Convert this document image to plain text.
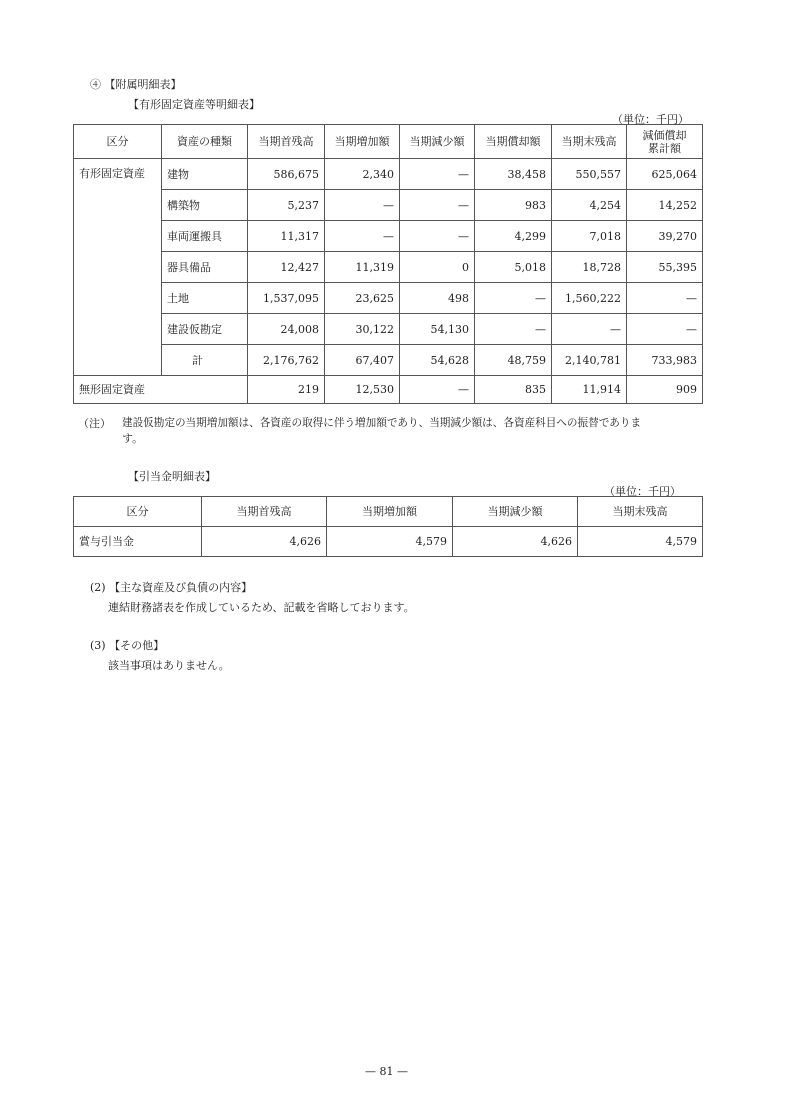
④ 【附属明細表】
【有形固定資産等明細表】
（単位：千円）
区分	資産の種類	当期首残高	当期増加額	当期減少額	当期償却額	当期末残高	減価償却
累計額

有形固定資産	建物	586,675	2,340	—	38,458	550,557	625,064
	構築物	5,237	—	—	983	4,254	14,252
	車両運搬具	11,317	—	—	4,299	7,018	39,270
	器具備品	12,427	11,319	0	5,018	18,728	55,395
	土地	1,537,095	23,625	498	—	1,560,222	—
	建設仮勘定	24,008	30,122	54,130	—	—	—
	計	2,176,762	67,407	54,628	48,759	2,140,781	733,983
無形固定資産		219	12,530	—	835	11,914	909
（注） 建設仮勘定の当期増加額は、各資産の取得に伴う増加額であり、当期減少額は、各資産科目への振替でありま
す。
【引当金明細表】
（単位：千円）
区分	当期首残高	当期増加額	当期減少額	当期末残高
賞与引当金	4,626	4,579	4,626	4,579
(2) 【主な資産及び負債の内容】
連結財務諸表を作成しているため、記載を省略しております。
(3) 【その他】
該当事項はありません。
— 81 —
